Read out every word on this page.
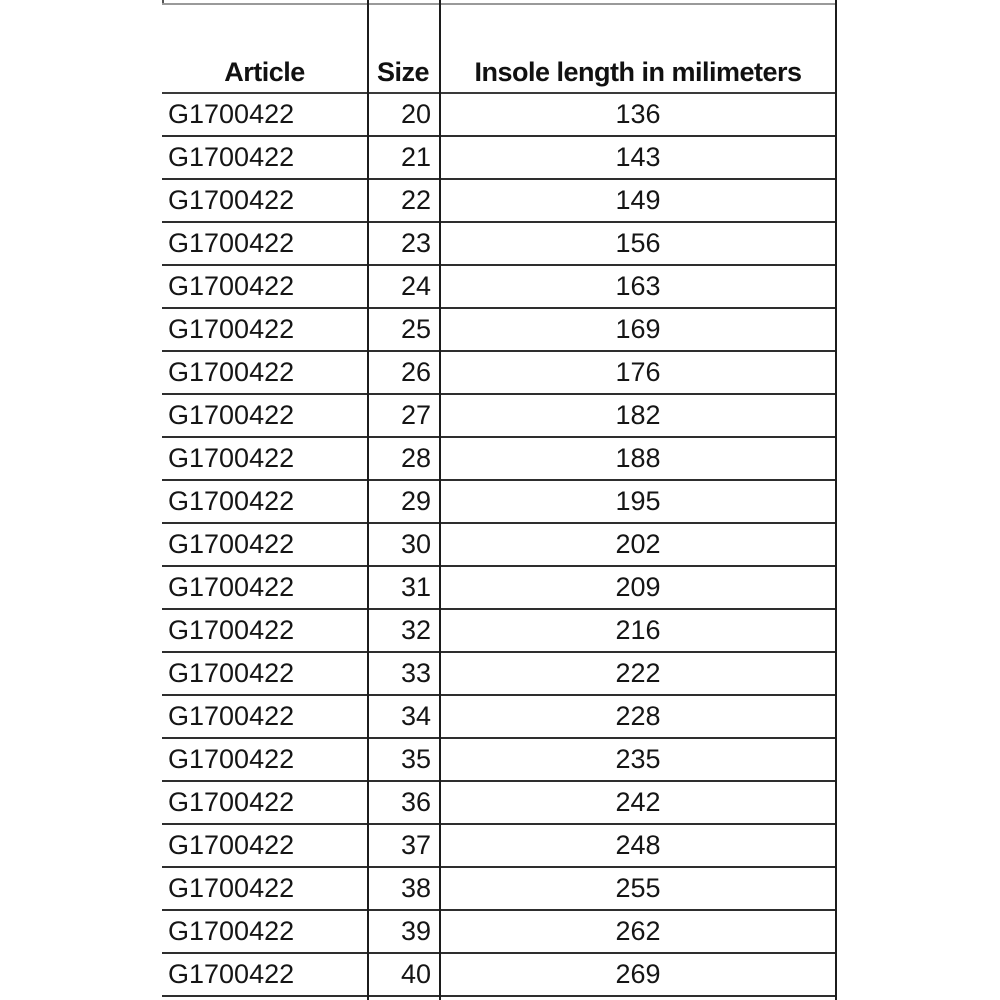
Article	Size	Insole length in milimeters
G1700422	20	136
G1700422	21	143
G1700422	22	149
G1700422	23	156
G1700422	24	163
G1700422	25	169
G1700422	26	176
G1700422	27	182
G1700422	28	188
G1700422	29	195
G1700422	30	202
G1700422	31	209
G1700422	32	216
G1700422	33	222
G1700422	34	228
G1700422	35	235
G1700422	36	242
G1700422	37	248
G1700422	38	255
G1700422	39	262
G1700422	40	269
